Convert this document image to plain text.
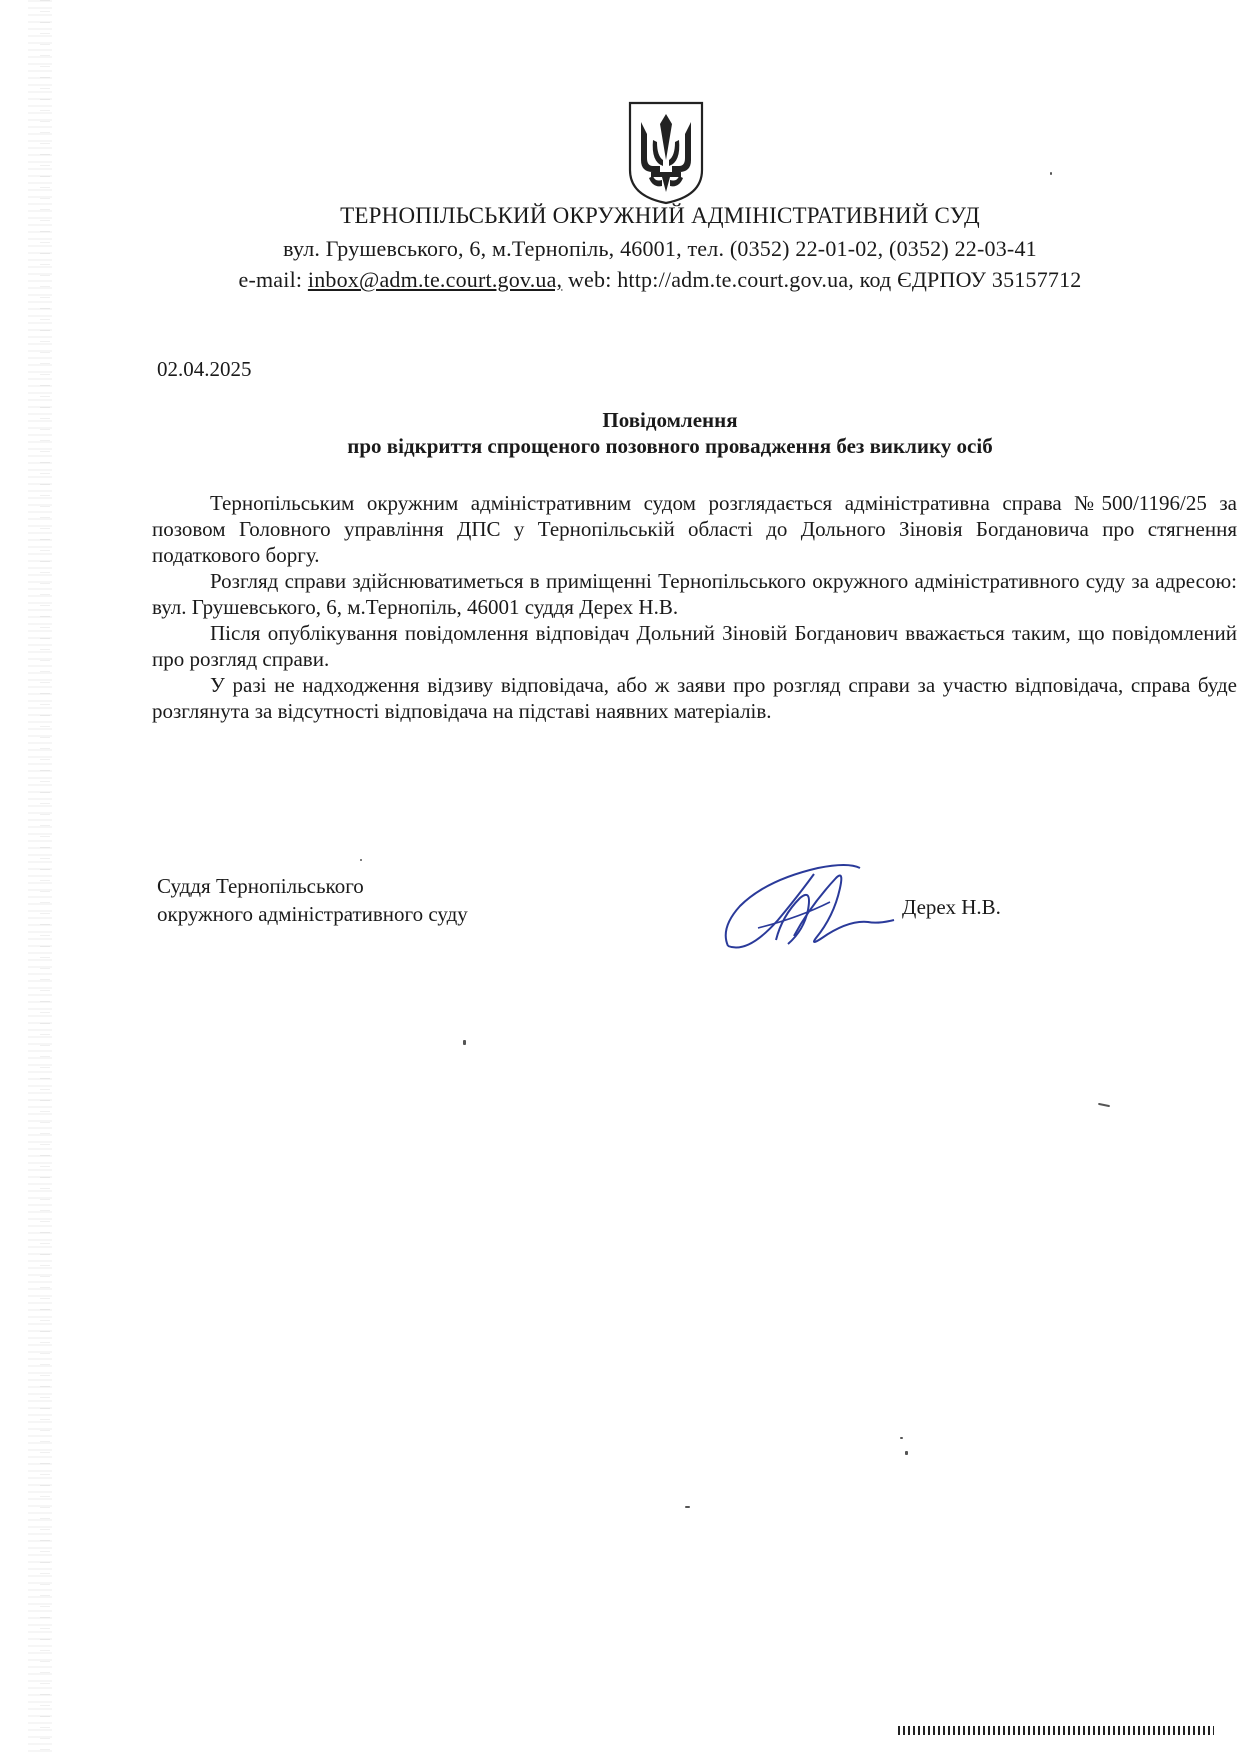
ТЕРНОПІЛЬСЬКИЙ ОКРУЖНИЙ АДМІНІСТРАТИВНИЙ СУД
вул. Грушевського, 6, м.Тернопіль, 46001, тел. (0352) 22-01-02, (0352) 22-03-41
e-mail: inbox@adm.te.court.gov.ua, web: http://adm.te.court.gov.ua, код ЄДРПОУ 35157712
02.04.2025
Повідомлення
про відкриття спрощеного позовного провадження без виклику осіб

Тернопільським окружним адміністративним судом розглядається адміністративна справа №500/1196/25 за позовом Головного управління ДПС у Тернопільській області до Дольного Зіновія Богдановича про стягнення податкового боргу.

Розгляд справи здійснюватиметься в приміщенні Тернопільського окружного адміністративного суду за адресою: вул. Грушевського, 6, м.Тернопіль, 46001 суддя Дерех Н.В.

Після опублікування повідомлення відповідач Дольний Зіновій Богданович вважається таким, що повідомлений про розгляд справи.

У разі не надходження відзиву відповідача, або ж заяви про розгляд справи за участю відповідача, справа буде розглянута за відсутності відповідача на підставі наявних матеріалів.

Суддя Тернопільського
окружного адміністративного суду	Дерех Н.В.
